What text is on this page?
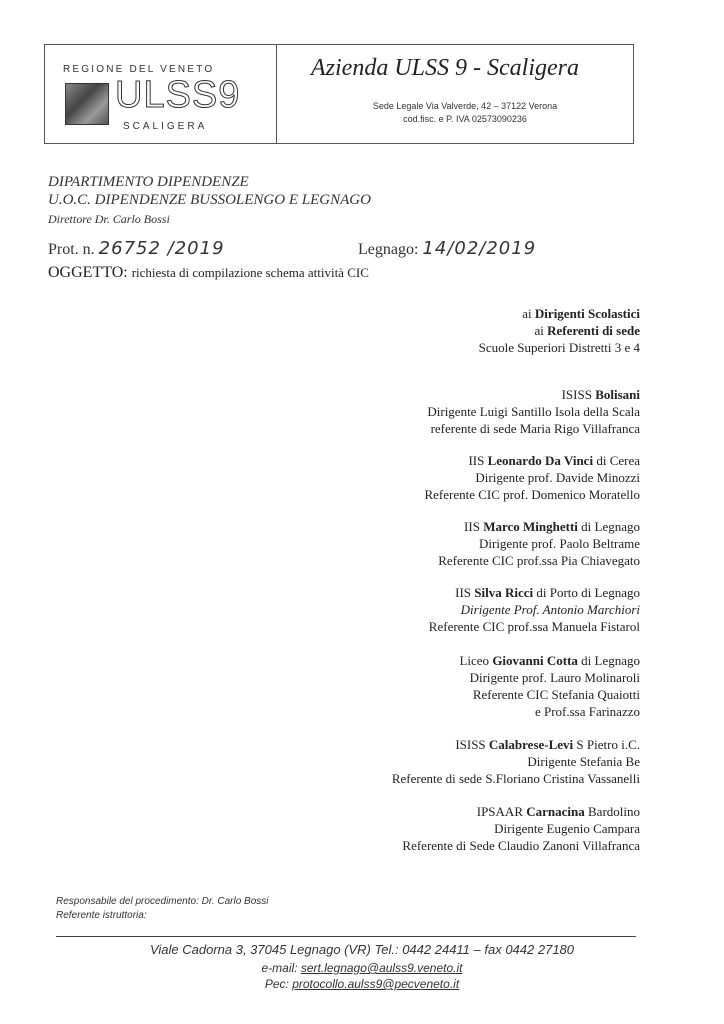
REGIONE DEL VENETO
ULSS9
SCALIGERA
Azienda ULSS 9 - Scaligera
Sede Legale Via Valverde, 42 – 37122 Verona
cod.fisc. e P. IVA 02573090236
DIPARTIMENTO DIPENDENZE
U.O.C. DIPENDENZE BUSSOLENGO E LEGNAGO
Direttore Dr. Carlo Bossi
Prot. n. 26752 /2019	Legnago: 14/02/2019
OGGETTO: richiesta di compilazione schema attività CIC
ai Dirigenti Scolastici
ai Referenti di sede
Scuole Superiori Distretti 3 e 4
ISISS Bolisani
Dirigente Luigi Santillo Isola della Scala
referente di sede Maria Rigo Villafranca
IIS Leonardo Da Vinci di Cerea
Dirigente prof. Davide Minozzi
Referente CIC prof. Domenico Moratello
IIS Marco Minghetti di Legnago
Dirigente prof. Paolo Beltrame
Referente CIC prof.ssa Pia Chiavegato
IIS Silva Ricci di Porto di Legnago
Dirigente Prof. Antonio Marchiori
Referente CIC prof.ssa Manuela Fistarol
Liceo Giovanni Cotta di Legnago
Dirigente prof. Lauro Molinaroli
Referente CIC Stefania Quaiotti
e Prof.ssa Farinazzo
ISISS Calabrese-Levi S Pietro i.C.
Dirigente Stefania Be
Referente di sede S.Floriano Cristina Vassanelli
IPSAAR Carnacina Bardolino
Dirigente Eugenio Campara
Referente di Sede Claudio Zanoni Villafranca
Responsabile del procedimento: Dr. Carlo Bossi
Referente istruttoria:
Viale Cadorna 3, 37045 Legnago (VR) Tel.: 0442 24411 – fax 0442 27180
e-mail: sert.legnago@aulss9.veneto.it
Pec: protocollo.aulss9@pecveneto.it
